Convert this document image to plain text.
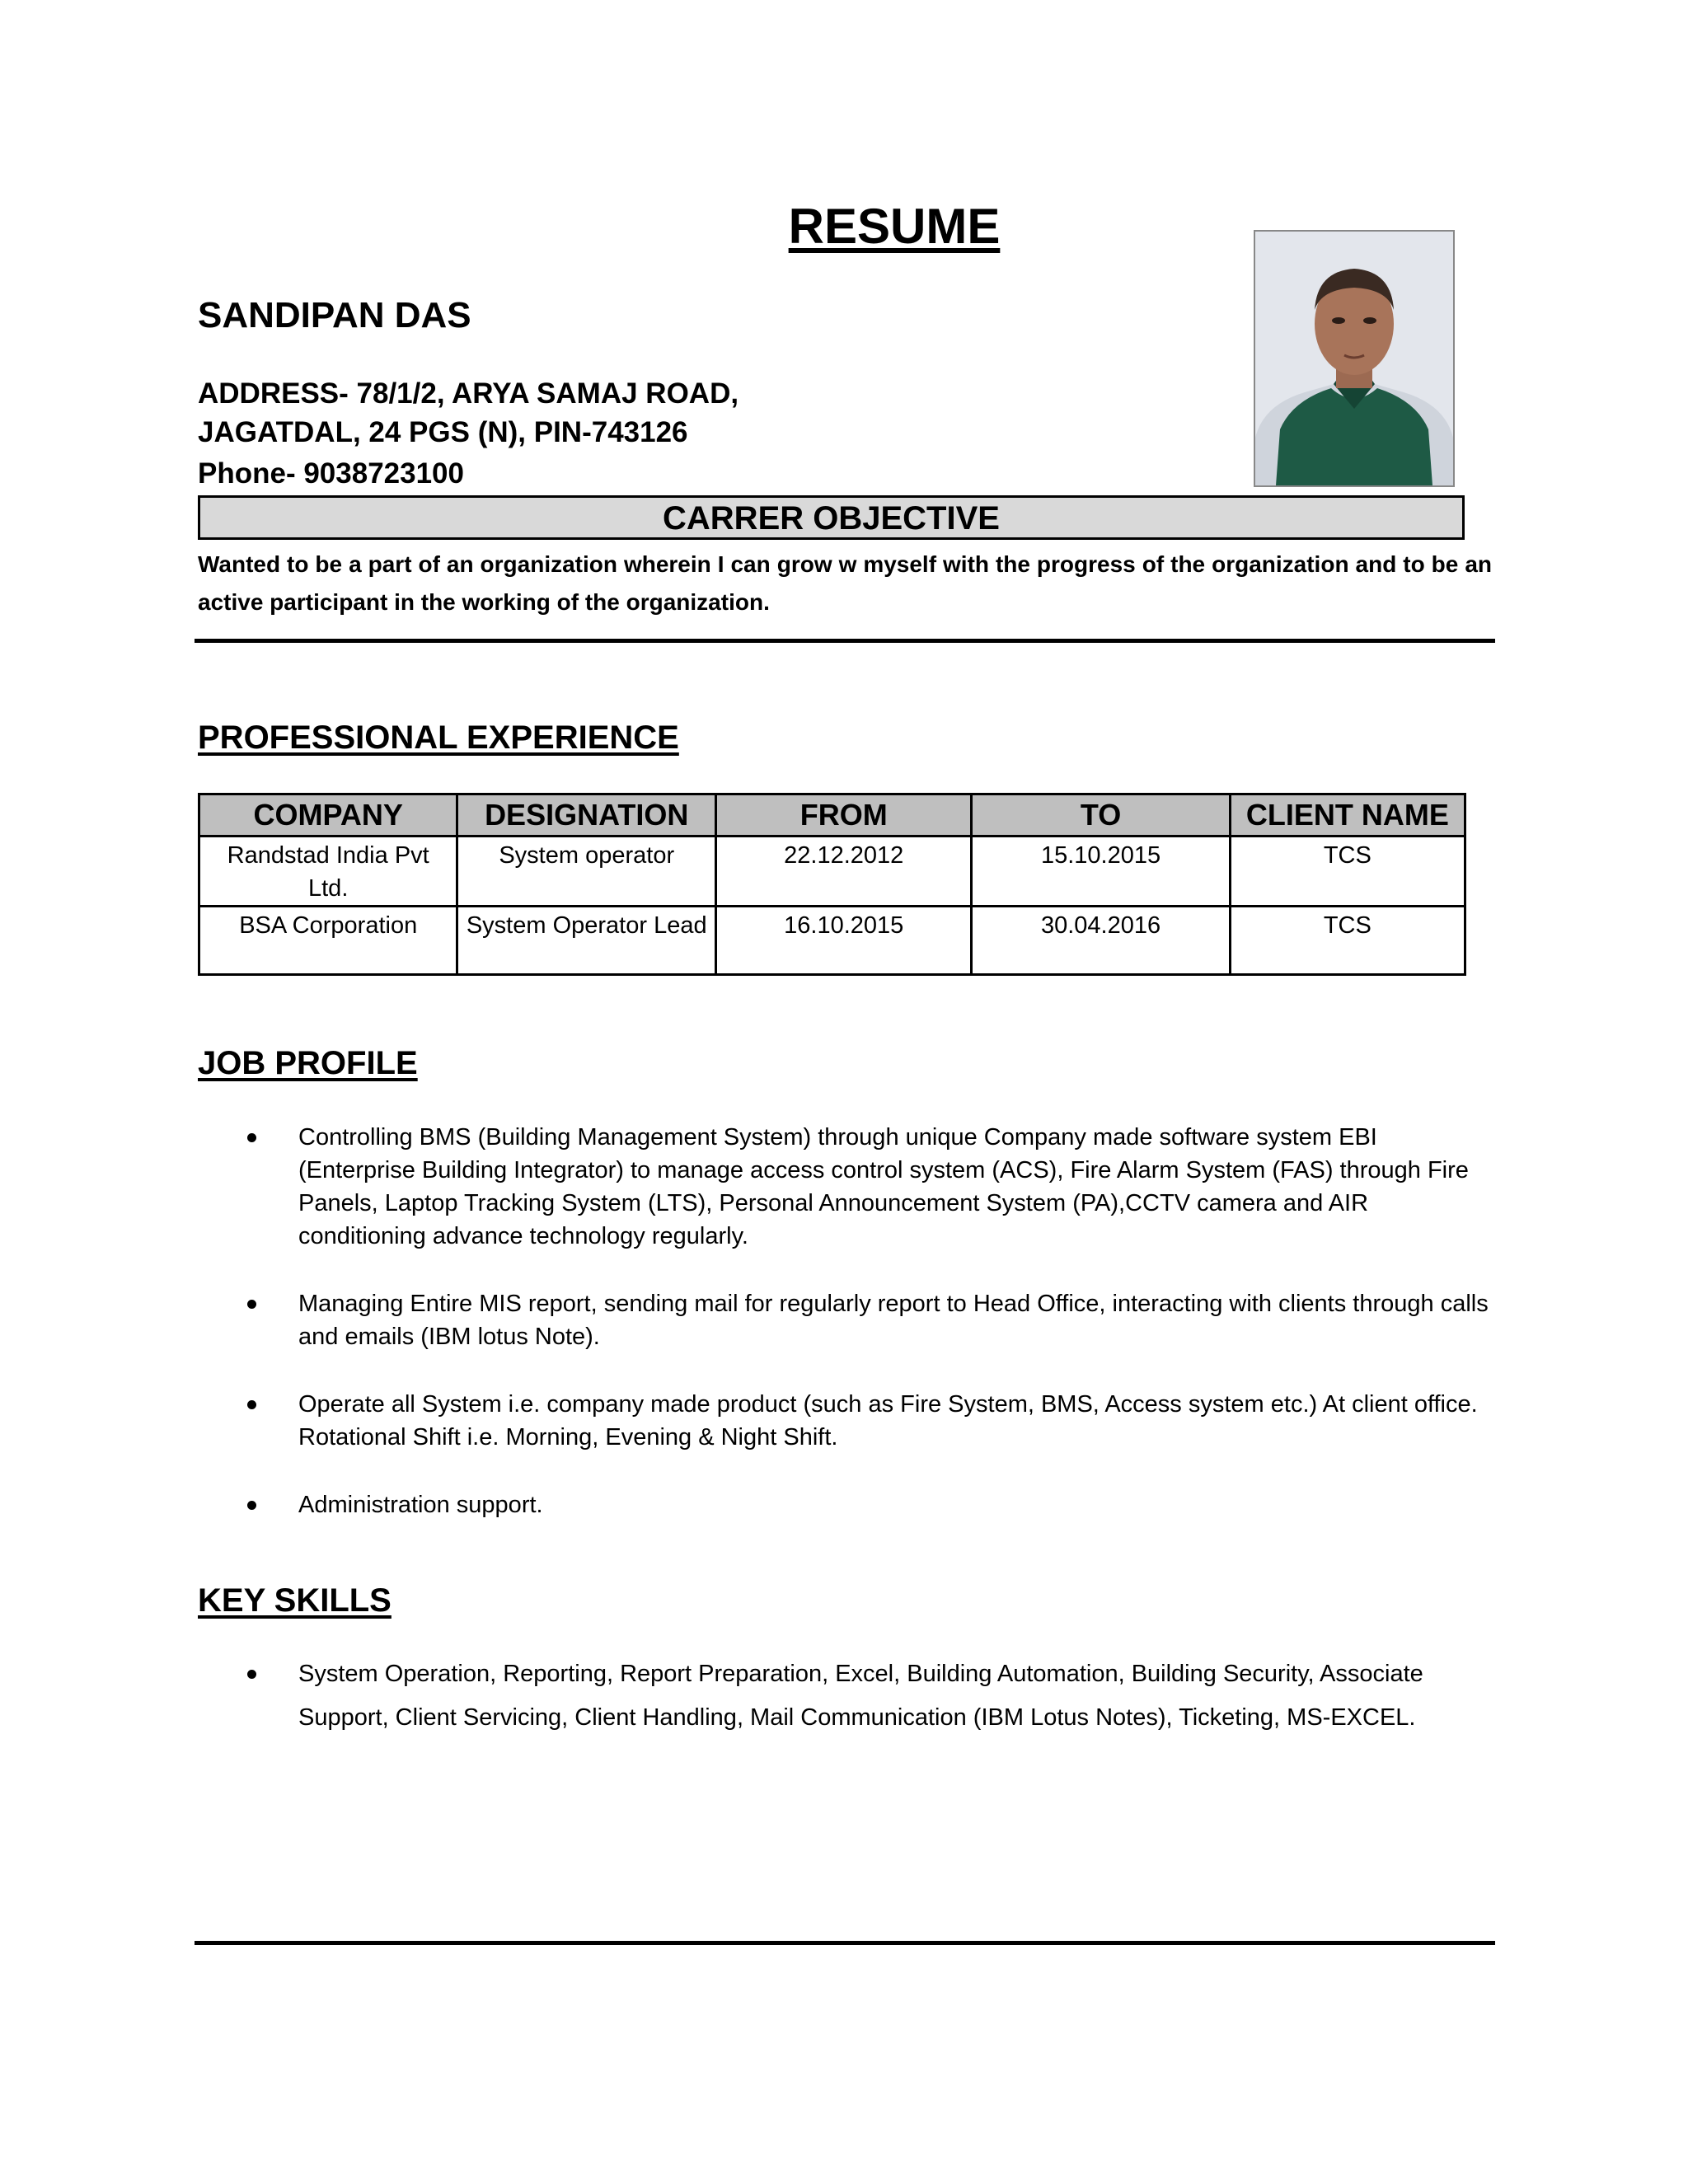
RESUME
SANDIPAN DAS
ADDRESS- 78/1/2, ARYA SAMAJ ROAD,
JAGATDAL, 24 PGS (N), PIN-743126
Phone- 9038723100
CARRER OBJECTIVE
Wanted to be a part of an organization wherein I can grow w myself with the progress of the organization and to be an active participant in the working of the organization.
PROFESSIONAL EXPERIENCE
COMPANY	DESIGNATION	FROM	TO	CLIENT NAME
Randstad India Pvt Ltd.	System operator	22.12.2012	15.10.2015	TCS
BSA Corporation	System Operator Lead	16.10.2015	30.04.2016	TCS
JOB PROFILE
Controlling BMS (Building Management System) through unique Company made software system EBI (Enterprise Building Integrator) to manage access control system (ACS), Fire Alarm System (FAS) through Fire Panels, Laptop Tracking System (LTS), Personal Announcement System (PA),CCTV camera and AIR conditioning advance technology regularly.
Managing Entire MIS report, sending mail for regularly report to Head Office, interacting with clients through calls and emails (IBM lotus Note).
Operate all System i.e. company made product (such as Fire System, BMS, Access system etc.) At client office. Rotational Shift i.e. Morning, Evening & Night Shift.
Administration support.
KEY SKILLS
System Operation, Reporting, Report Preparation, Excel, Building Automation, Building Security, Associate Support, Client Servicing, Client Handling, Mail Communication (IBM Lotus Notes), Ticketing, MS-EXCEL.
